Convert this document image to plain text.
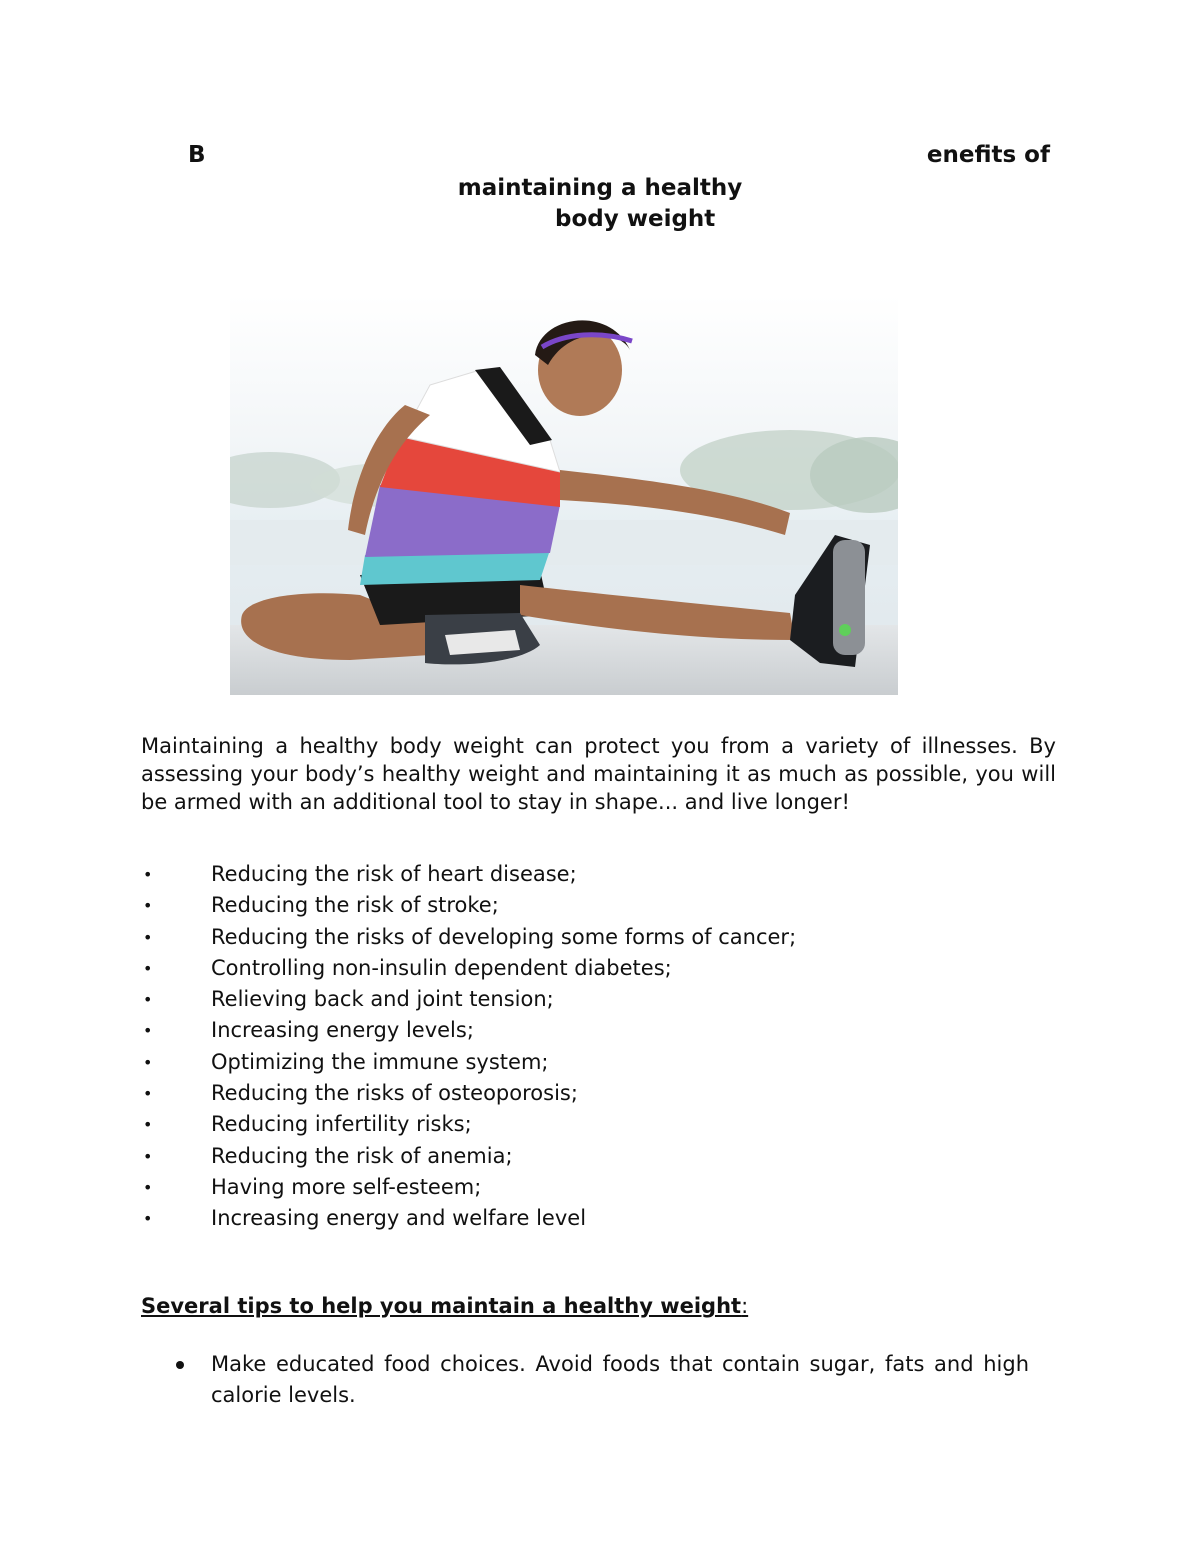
B	enefits of
maintaining a healthy
body weight
Maintaining a healthy body weight can protect you from a variety of illnesses. By assessing your body’s healthy weight and maintaining it as much as possible, you will be armed with an additional tool to stay in shape... and live longer!
•	Reducing the risk of heart disease;
•	Reducing the risk of stroke;
•	Reducing the risks of developing some forms of cancer;
•	Controlling non-insulin dependent diabetes;
•	Relieving back and joint tension;
•	Increasing energy levels;
•	Optimizing the immune system;
•	Reducing the risks of osteoporosis;
•	Reducing infertility risks;
•	Reducing the risk of anemia;
•	Having more self-esteem;
•	Increasing energy and welfare level
Several tips to help you maintain a healthy weight:
Make educated food choices. Avoid foods that contain sugar, fats and high calorie levels.
